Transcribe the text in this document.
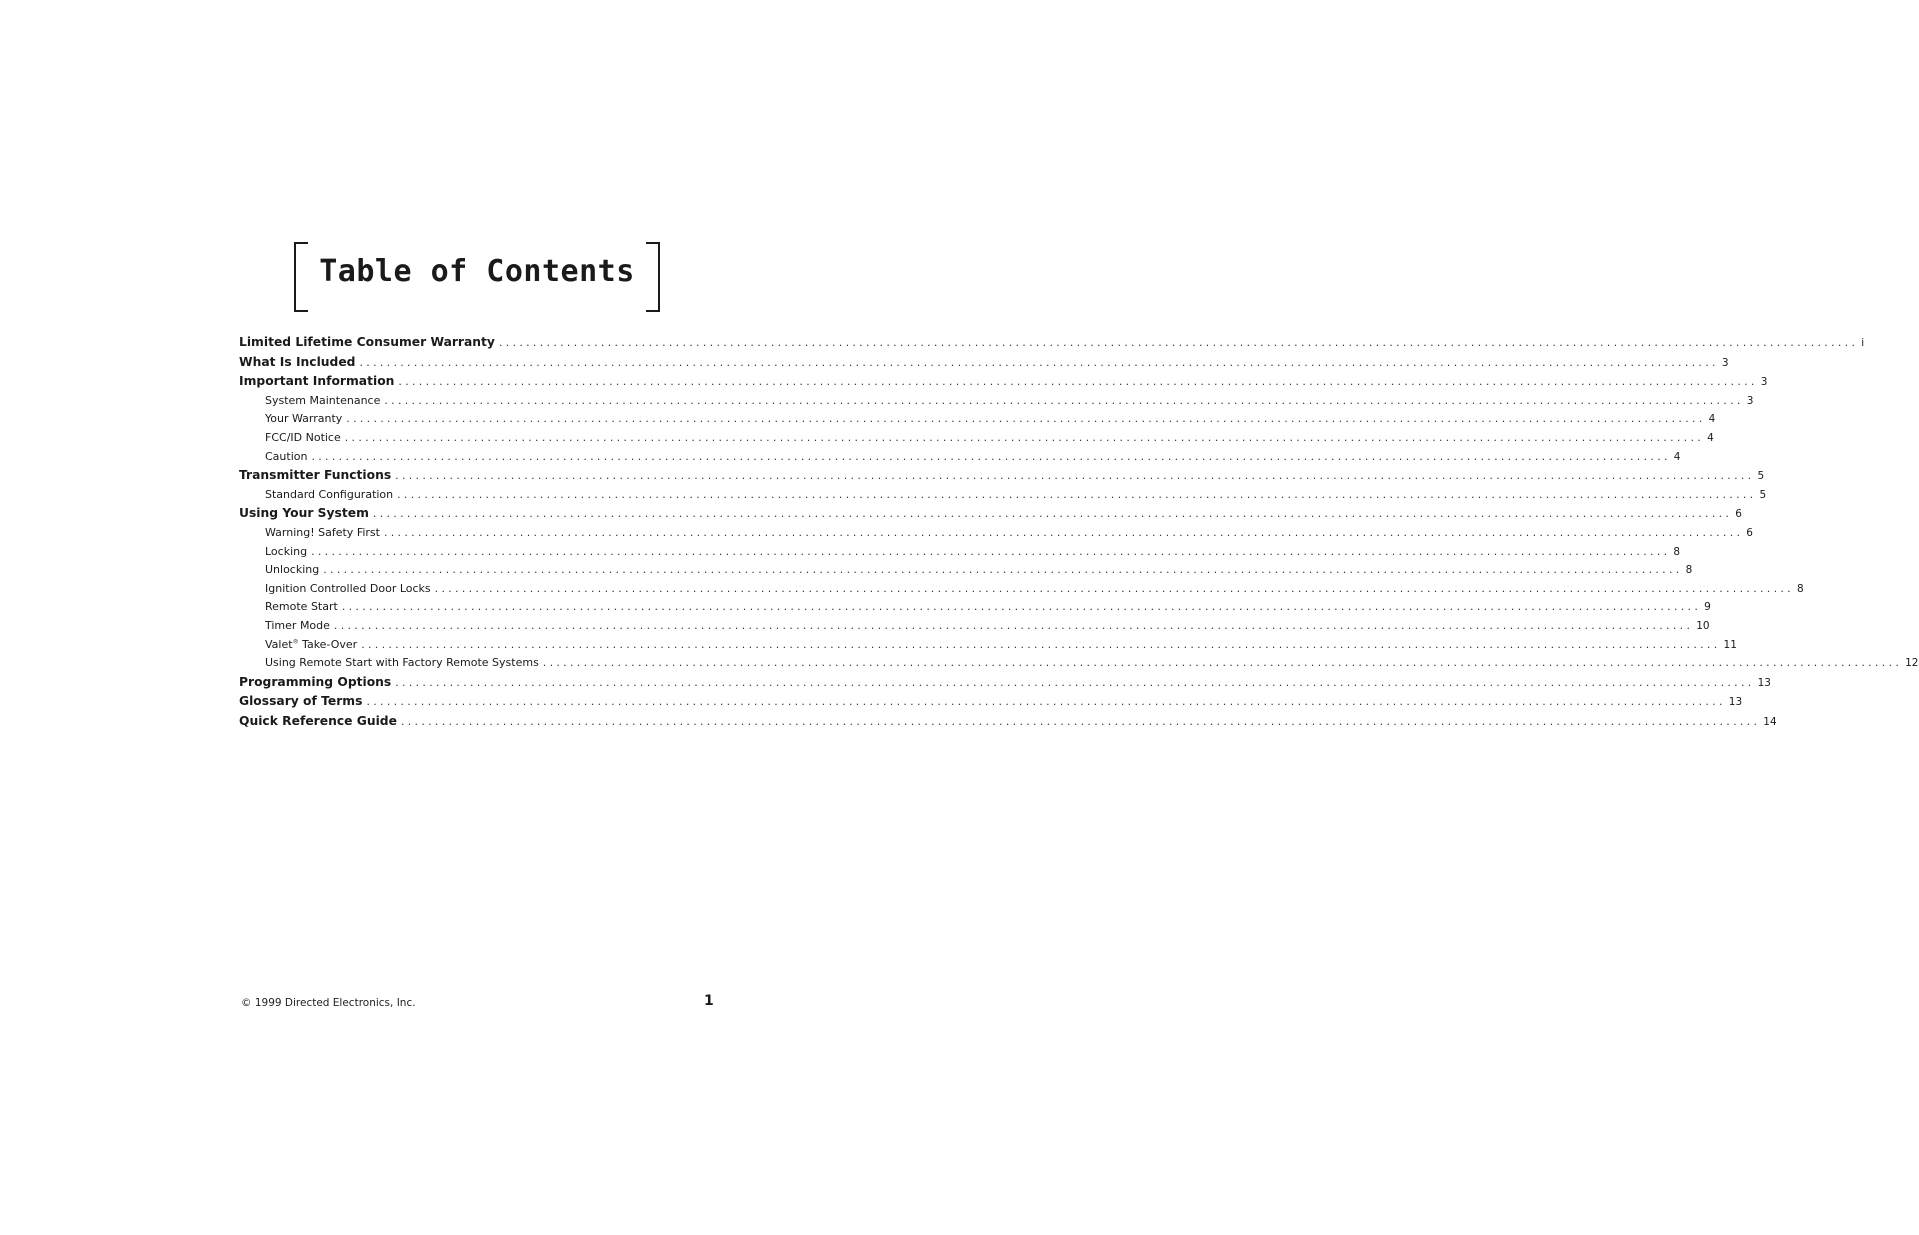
Table of Contents
Limited Lifetime Consumer Warranty ........................................................................................................................................................................................................ i
What Is Included ........................................................................................................................................................................................................ 3
Important Information ........................................................................................................................................................................................................ 3
System Maintenance ........................................................................................................................................................................................................ 3
Your Warranty ........................................................................................................................................................................................................ 4
FCC/ID Notice ........................................................................................................................................................................................................ 4
Caution ........................................................................................................................................................................................................ 4
Transmitter Functions ........................................................................................................................................................................................................ 5
Standard Configuration ........................................................................................................................................................................................................ 5
Using Your System ........................................................................................................................................................................................................ 6
Warning! Safety First ........................................................................................................................................................................................................ 6
Locking ........................................................................................................................................................................................................ 8
Unlocking ........................................................................................................................................................................................................ 8
Ignition Controlled Door Locks ........................................................................................................................................................................................................ 8
Remote Start ........................................................................................................................................................................................................ 9
Timer Mode ........................................................................................................................................................................................................ 10
Valet® Take-Over ........................................................................................................................................................................................................ 11
Using Remote Start with Factory Remote Systems ........................................................................................................................................................................................................ 12
Programming Options ........................................................................................................................................................................................................ 13
Glossary of Terms ........................................................................................................................................................................................................ 13
Quick Reference Guide ........................................................................................................................................................................................................ 14
© 1999 Directed Electronics, Inc.	1
